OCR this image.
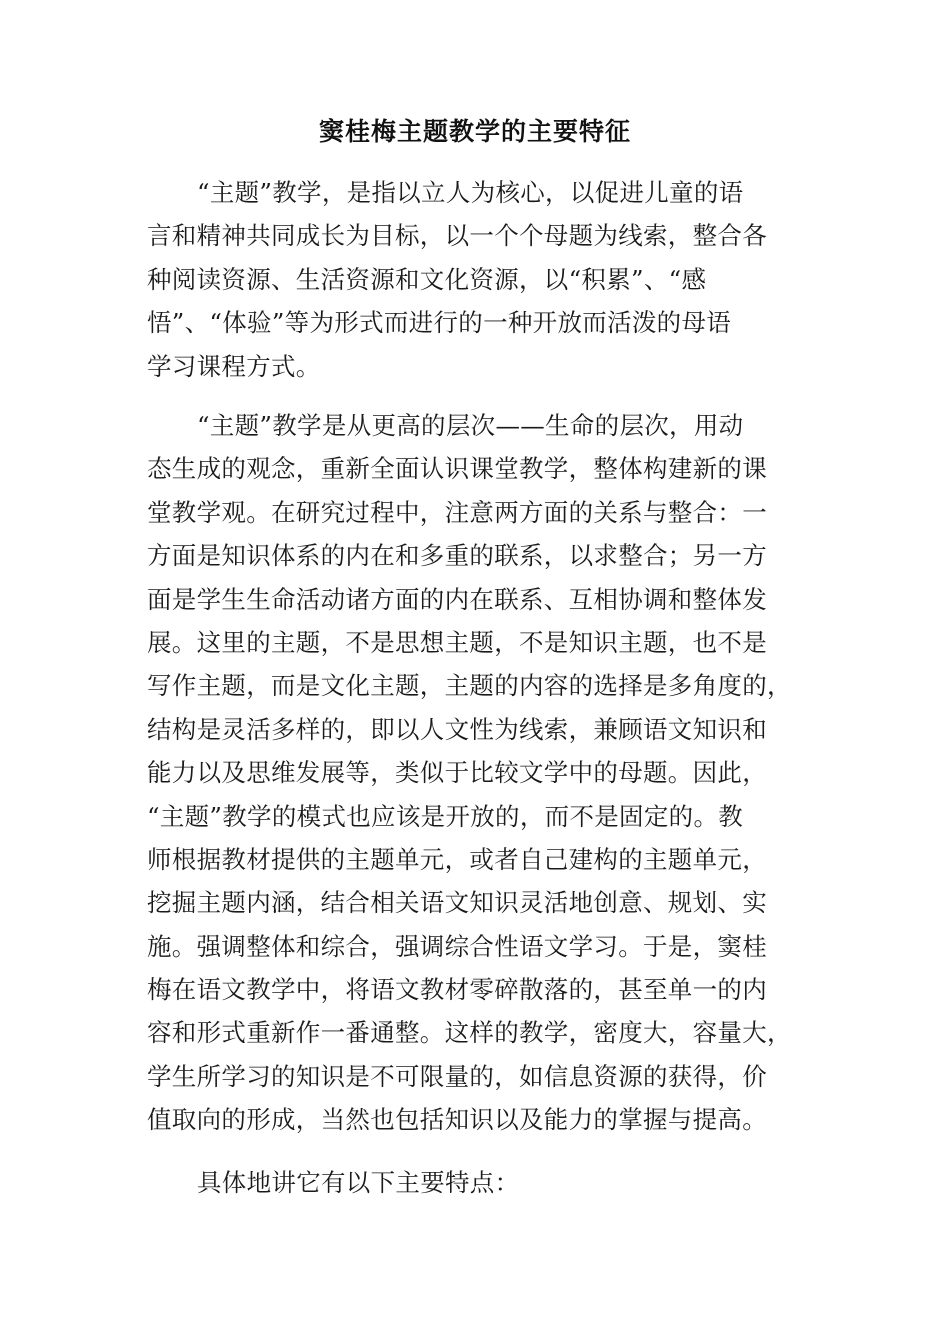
窦桂梅主题教学的主要特征
“主题”教学，是指以立人为核心，以促进儿童的语
言和精神共同成长为目标，以一个个母题为线索，整合各
种阅读资源、生活资源和文化资源，以“积累”、“感
悟”、“体验”等为形式而进行的一种开放而活泼的母语
学习课程方式。
“主题”教学是从更高的层次——生命的层次，用动
态生成的观念，重新全面认识课堂教学，整体构建新的课
堂教学观。在研究过程中，注意两方面的关系与整合：一
方面是知识体系的内在和多重的联系，以求整合；另一方
面是学生生命活动诸方面的内在联系、互相协调和整体发
展。这里的主题，不是思想主题，不是知识主题，也不是
写作主题，而是文化主题，主题的内容的选择是多角度的，
结构是灵活多样的，即以人文性为线索，兼顾语文知识和
能力以及思维发展等，类似于比较文学中的母题。因此，
“主题”教学的模式也应该是开放的，而不是固定的。教
师根据教材提供的主题单元，或者自己建构的主题单元，
挖掘主题内涵，结合相关语文知识灵活地创意、规划、实
施。强调整体和综合，强调综合性语文学习。于是，窦桂
梅在语文教学中，将语文教材零碎散落的，甚至单一的内
容和形式重新作一番通整。这样的教学，密度大，容量大，
学生所学习的知识是不可限量的，如信息资源的获得，价
值取向的形成，当然也包括知识以及能力的掌握与提高。
具体地讲它有以下主要特点：
